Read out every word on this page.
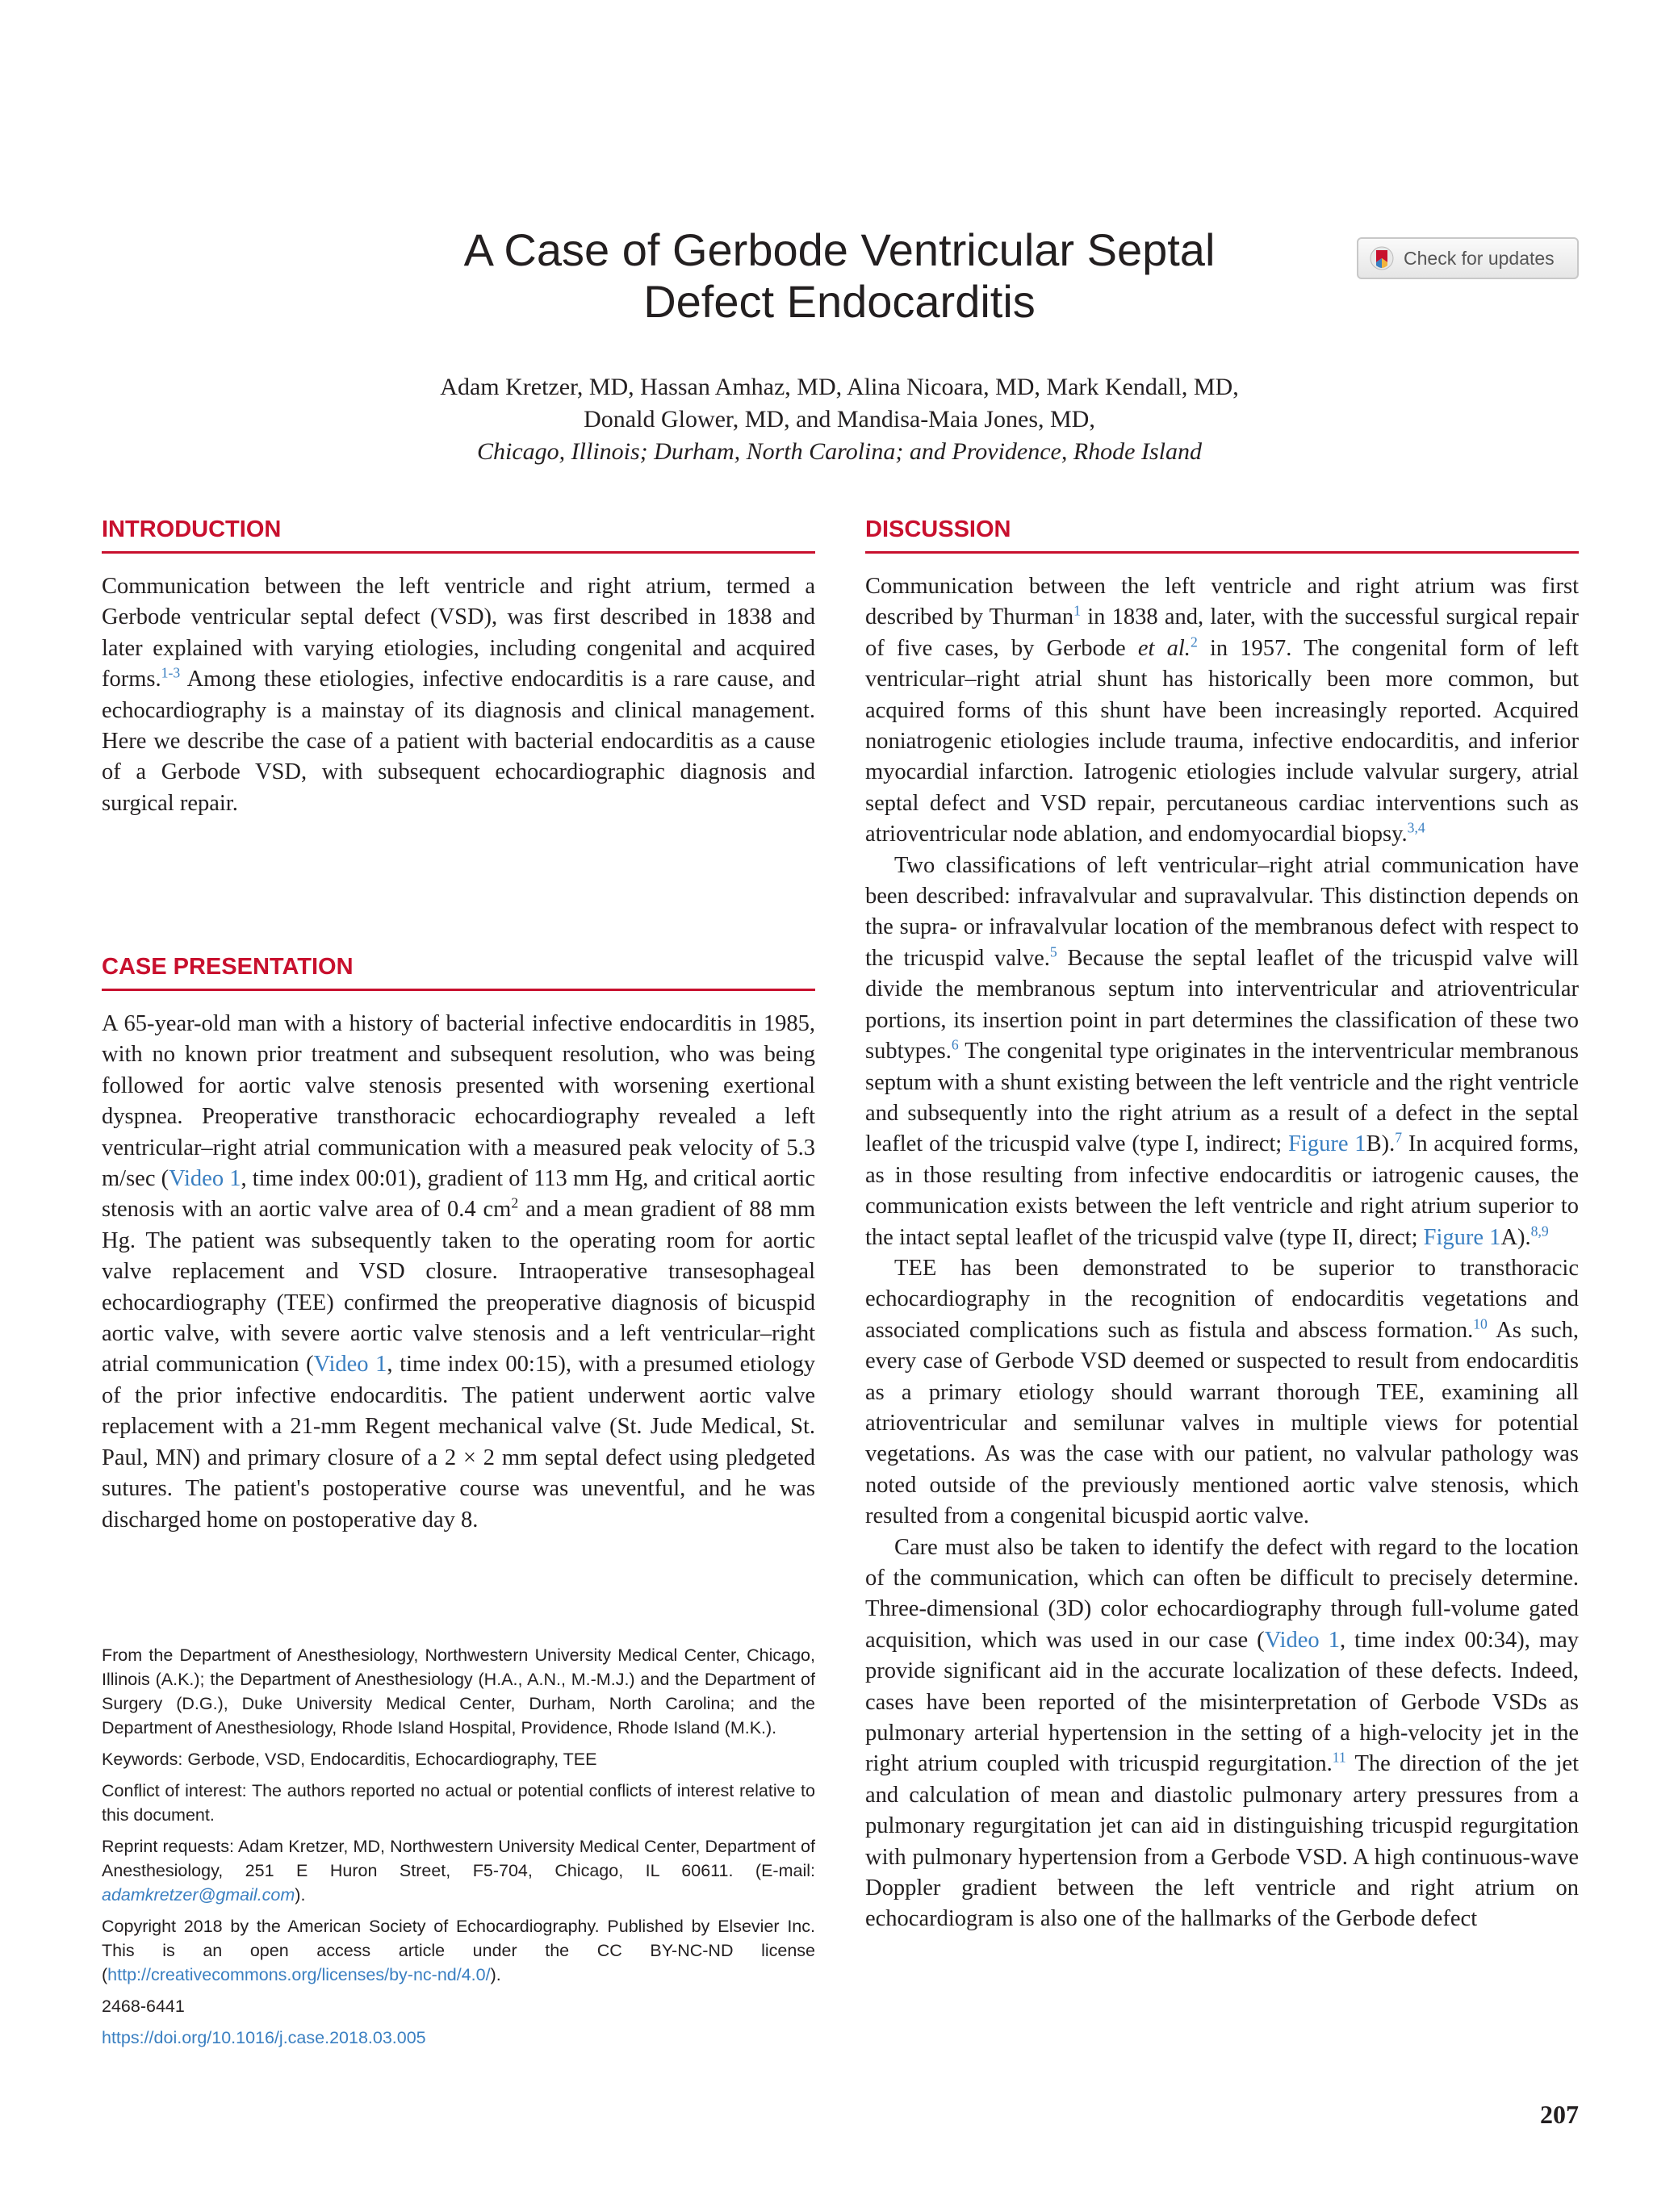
A Case of Gerbode Ventricular Septal
Defect Endocarditis
Check for updates
Adam Kretzer, MD, Hassan Amhaz, MD, Alina Nicoara, MD, Mark Kendall, MD,
Donald Glower, MD, and Mandisa-Maia Jones, MD,
Chicago, Illinois; Durham, North Carolina; and Providence, Rhode Island
INTRODUCTION

Communication between the left ventricle and right atrium, termed a Gerbode ventricular septal defect (VSD), was first described in 1838 and later explained with varying etiologies, including congenital and acquired forms.$^{1-3}$ Among these etiologies, infective endocarditis is a rare cause, and echocardiography is a mainstay of its diagnosis and clinical management. Here we describe the case of a patient with bacterial endocarditis as a cause of a Gerbode VSD, with subsequent echocardiographic diagnosis and surgical repair.

CASE PRESENTATION

A 65-year-old man with a history of bacterial infective endocarditis in 1985, with no known prior treatment and subsequent resolution, who was being followed for aortic valve stenosis presented with worsening exertional dyspnea. Preoperative transthoracic echocardiography revealed a left ventricular–right atrial communication with a measured peak velocity of 5.3 m/sec (Video 1, time index 00:01), gradient of 113 mm Hg, and critical aortic stenosis with an aortic valve area of 0.4 $cm^2$ and a mean gradient of 88 mm Hg. The patient was subsequently taken to the operating room for aortic valve replacement and VSD closure. Intraoperative transesophageal echocardiography (TEE) confirmed the preoperative diagnosis of bicuspid aortic valve, with severe aortic valve stenosis and a left ventricular–right atrial communication (Video 1, time index 00:15), with a presumed etiology of the prior infective endocarditis. The patient underwent aortic valve replacement with a 21-mm Regent mechanical valve (St. Jude Medical, St. Paul, MN) and primary closure of a 2 × 2 mm septal defect using pledgeted sutures. The patient's postoperative course was uneventful, and he was discharged home on postoperative day 8.

From the Department of Anesthesiology, Northwestern University Medical Center, Chicago, Illinois (A.K.); the Department of Anesthesiology (H.A., A.N., M.-M.J.) and the Department of Surgery (D.G.), Duke University Medical Center, Durham, North Carolina; and the Department of Anesthesiology, Rhode Island Hospital, Providence, Rhode Island (M.K.).

Keywords: Gerbode, VSD, Endocarditis, Echocardiography, TEE

Conflict of interest: The authors reported no actual or potential conflicts of interest relative to this document.

Reprint requests: Adam Kretzer, MD, Northwestern University Medical Center, Department of Anesthesiology, 251 E Huron Street, F5-704, Chicago, IL 60611. (E-mail: adamkretzer@gmail.com).

Copyright 2018 by the American Society of Echocardiography. Published by Elsevier Inc. This is an open access article under the CC BY-NC-ND license (http://creativecommons.org/licenses/by-nc-nd/4.0/).

2468-6441

https://doi.org/10.1016/j.case.2018.03.005

DISCUSSION

Communication between the left ventricle and right atrium was first described by Thurman$^1$ in 1838 and, later, with the successful surgical repair of five cases, by Gerbode et al.$^2$ in 1957. The congenital form of left ventricular–right atrial shunt has historically been more common, but acquired forms of this shunt have been increasingly reported. Acquired noniatrogenic etiologies include trauma, infective endocarditis, and inferior myocardial infarction. Iatrogenic etiologies include valvular surgery, atrial septal defect and VSD repair, percutaneous cardiac interventions such as atrioventricular node ablation, and endomyocardial biopsy.$^{3,4}$

Two classifications of left ventricular–right atrial communication have been described: infravalvular and supravalvular. This distinction depends on the supra- or infravalvular location of the membranous defect with respect to the tricuspid valve.$^5$ Because the septal leaflet of the tricuspid valve will divide the membranous septum into interventricular and atrioventricular portions, its insertion point in part determines the classification of these two subtypes.$^6$ The congenital type originates in the interventricular membranous septum with a shunt existing between the left ventricle and the right ventricle and subsequently into the right atrium as a result of a defect in the septal leaflet of the tricuspid valve (type I, indirect; Figure 1B).$^7$ In acquired forms, as in those resulting from infective endocarditis or iatrogenic causes, the communication exists between the left ventricle and right atrium superior to the intact septal leaflet of the tricuspid valve (type II, direct; Figure 1A).$^{8,9}$

TEE has been demonstrated to be superior to transthoracic echocardiography in the recognition of endocarditis vegetations and associated complications such as fistula and abscess formation.$^{10}$ As such, every case of Gerbode VSD deemed or suspected to result from endocarditis as a primary etiology should warrant thorough TEE, examining all atrioventricular and semilunar valves in multiple views for potential vegetations. As was the case with our patient, no valvular pathology was noted outside of the previously mentioned aortic valve stenosis, which resulted from a congenital bicuspid aortic valve.

Care must also be taken to identify the defect with regard to the location of the communication, which can often be difficult to precisely determine. Three-dimensional (3D) color echocardiography through full-volume gated acquisition, which was used in our case (Video 1, time index 00:34), may provide significant aid in the accurate localization of these defects. Indeed, cases have been reported of the misinterpretation of Gerbode VSDs as pulmonary arterial hypertension in the setting of a high-velocity jet in the right atrium coupled with tricuspid regurgitation.$^{11}$ The direction of the jet and calculation of mean and diastolic pulmonary artery pressures from a pulmonary regurgitation jet can aid in distinguishing tricuspid regurgitation with pulmonary hypertension from a Gerbode VSD. A high continuous-wave Doppler gradient between the left ventricle and right atrium on echocardiogram is also one of the hallmarks of the Gerbode defect

207
